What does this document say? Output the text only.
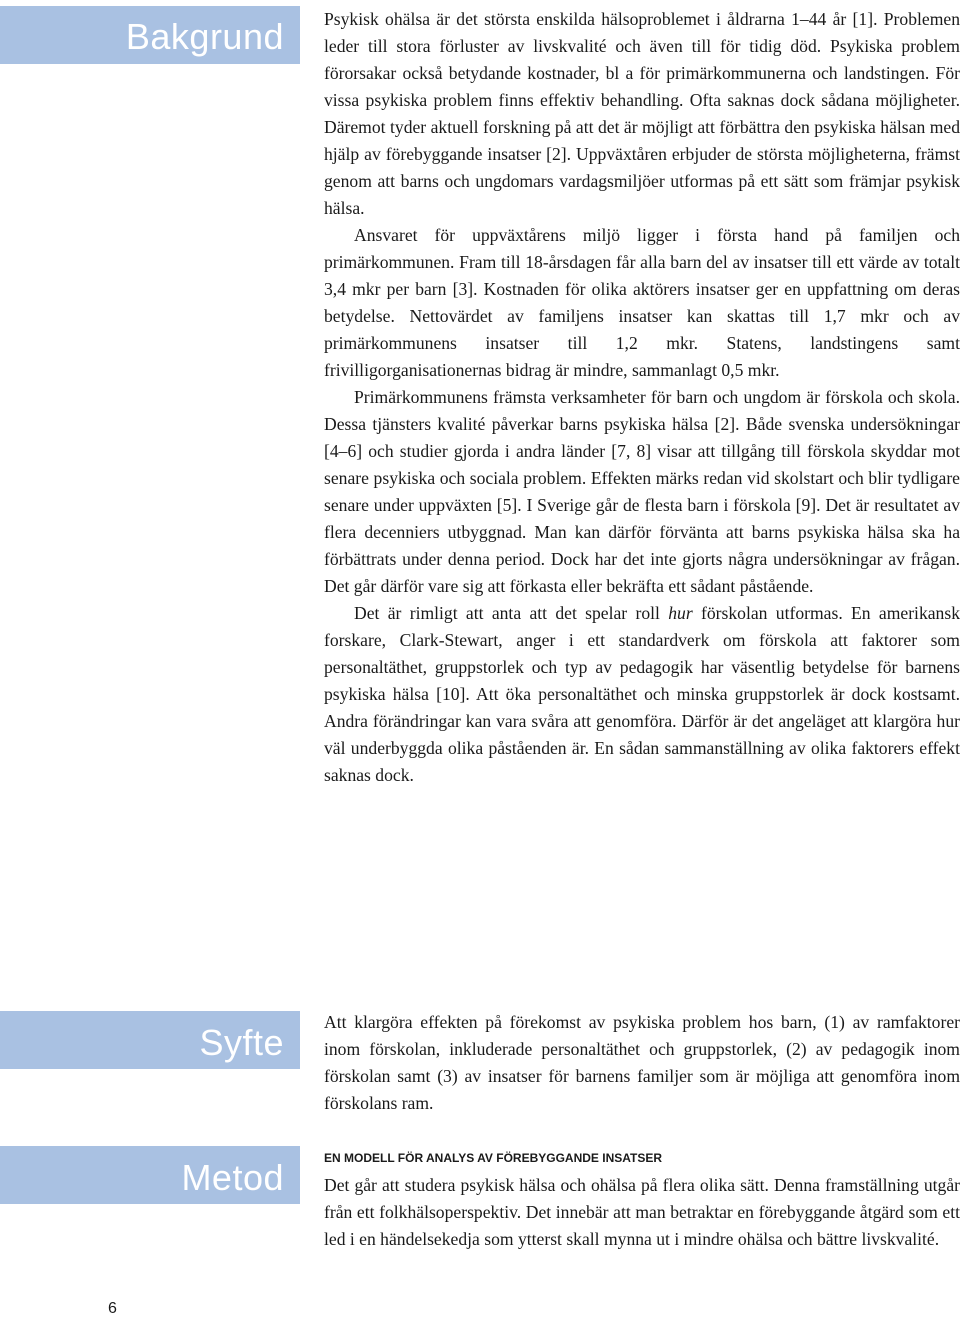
Bakgrund
Syfte
Metod

Psykisk ohälsa är det största enskilda hälsoproblemet i åldrarna 1–44 år [1]. Problemen leder till stora förluster av livskvalité och även till för tidig död. Psykiska problem förorsakar också betydande kostnader, bl a för primärkommunerna och landstingen. För vissa psykiska problem finns effektiv behandling. Ofta saknas dock sådana möjligheter. Däremot tyder aktuell forskning på att det är möjligt att förbättra den psykiska hälsan med hjälp av förebyggande insatser [2]. Uppväxtåren erbjuder de största möjligheterna, främst genom att barns och ungdomars vardagsmiljöer utformas på ett sätt som främjar psykisk hälsa.

Ansvaret för uppväxtårens miljö ligger i första hand på familjen och primärkommunen. Fram till 18-årsdagen får alla barn del av insatser till ett värde av totalt 3,4 mkr per barn [3]. Kostnaden för olika aktörers insatser ger en uppfattning om deras betydelse. Nettovärdet av familjens insatser kan skattas till 1,7 mkr och av primärkommunens insatser till 1,2 mkr. Statens, landstingens samt frivilligorganisationernas bidrag är mindre, sammanlagt 0,5 mkr.

Primärkommunens främsta verksamheter för barn och ungdom är förskola och skola. Dessa tjänsters kvalité påverkar barns psykiska hälsa [2]. Både svenska undersökningar [4–6] och studier gjorda i andra länder [7, 8] visar att tillgång till förskola skyddar mot senare psykiska och sociala problem. Effekten märks redan vid skolstart och blir tydligare senare under uppväxten [5]. I Sverige går de flesta barn i förskola [9]. Det är resultatet av flera decenniers utbyggnad. Man kan därför förvänta att barns psykiska hälsa ska ha förbättrats under denna period. Dock har det inte gjorts några undersökningar av frågan. Det går därför vare sig att förkasta eller bekräfta ett sådant påstående.

Det är rimligt att anta att det spelar roll hur förskolan utformas. En amerikansk forskare, Clark-Stewart, anger i ett standardverk om förskola att faktorer som personaltäthet, gruppstorlek och typ av pedagogik har väsentlig betydelse för barnens psykiska hälsa [10]. Att öka personaltäthet och minska gruppstorlek är dock kostsamt. Andra förändringar kan vara svåra att genomföra. Därför är det angeläget att klargöra hur väl underbyggda olika påståenden är. En sådan sammanställning av olika faktorers effekt saknas dock.

Att klargöra effekten på förekomst av psykiska problem hos barn, (1) av ramfaktorer inom förskolan, inkluderade personaltäthet och gruppstorlek, (2) av pedagogik inom förskolan samt (3) av insatser för barnens familjer som är möjliga att genomföra inom förskolans ram.

EN MODELL FÖR ANALYS AV FÖREBYGGANDE INSATSER

Det går att studera psykisk hälsa och ohälsa på flera olika sätt. Denna framställning utgår från ett folkhälsoperspektiv. Det innebär att man betraktar en förebyggande åtgärd som ett led i en händelsekedja som ytterst skall mynna ut i mindre ohälsa och bättre livskvalité.

6
